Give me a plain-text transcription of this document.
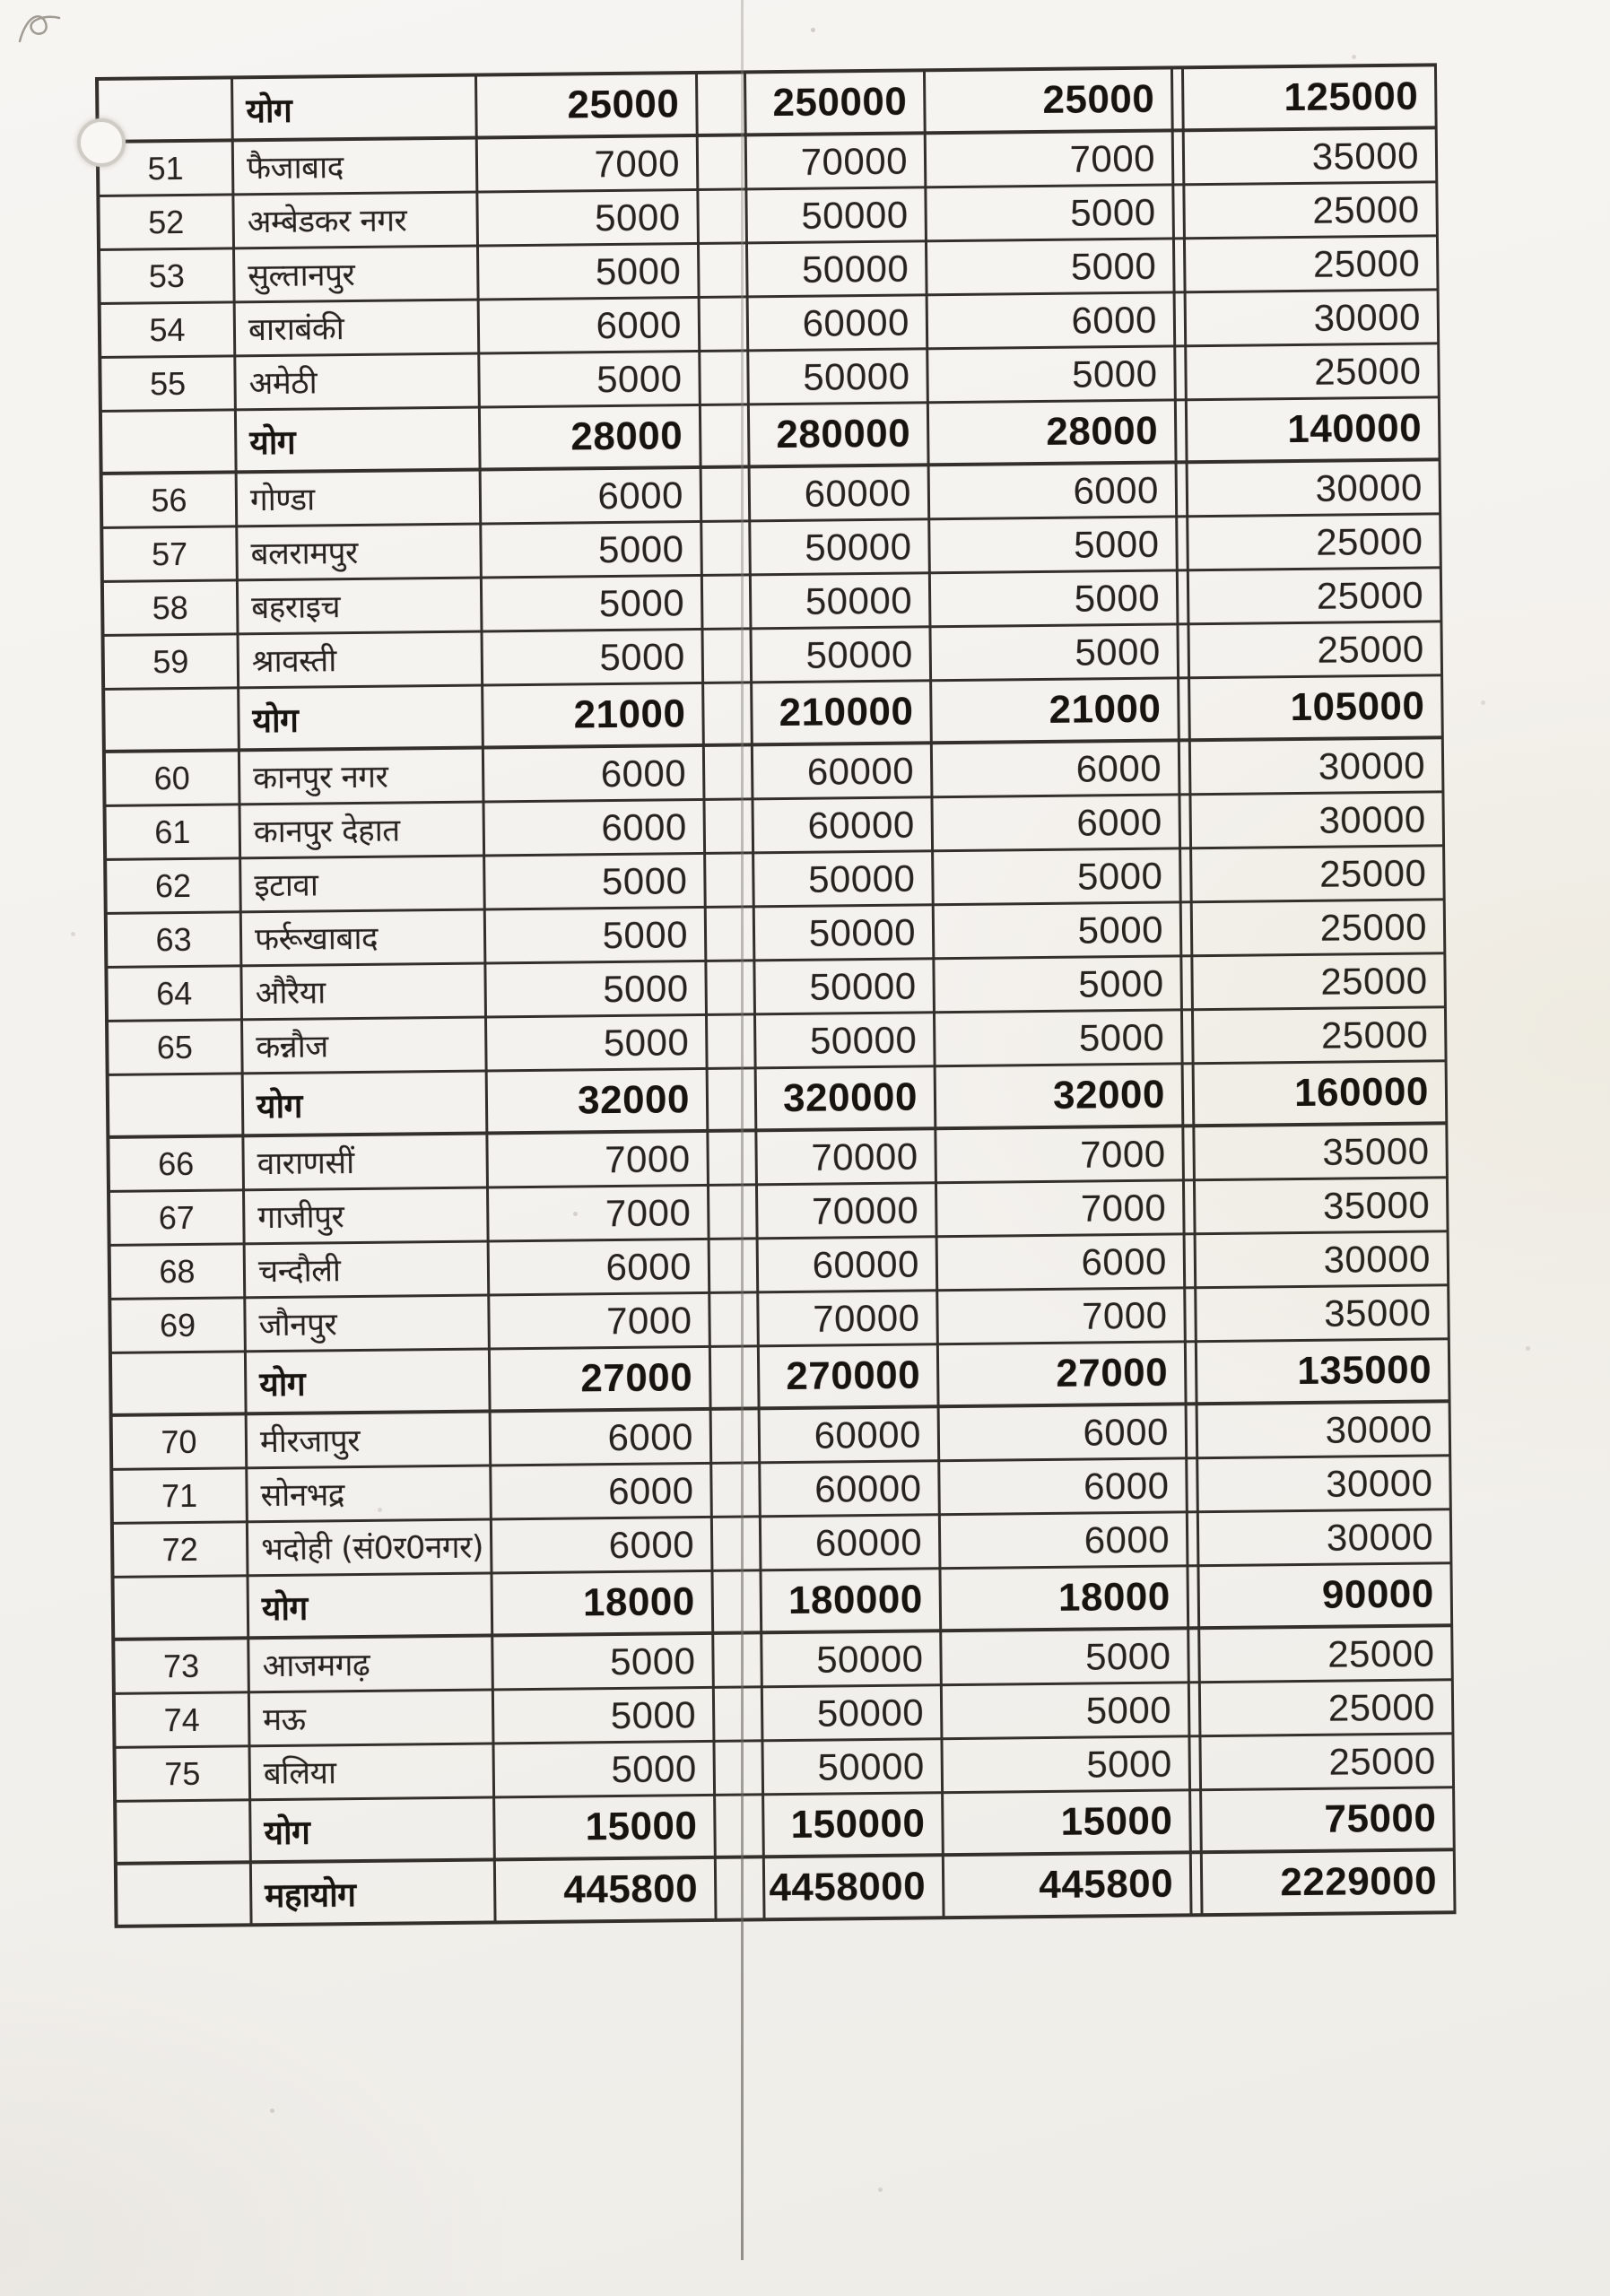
योग	25000	250000	25000	125000
51	फैजाबाद	7000	70000	7000	35000
52	अम्बेडकर नगर	5000	50000	5000	25000
53	सुल्तानपुर	5000	50000	5000	25000
54	बाराबंकी	6000	60000	6000	30000
55	अमेठी	5000	50000	5000	25000
योग	28000	280000	28000	140000
56	गोण्डा	6000	60000	6000	30000
57	बलरामपुर	5000	50000	5000	25000
58	बहराइच	5000	50000	5000	25000
59	श्रावस्ती	5000	50000	5000	25000
योग	21000	210000	21000	105000
60	कानपुर नगर	6000	60000	6000	30000
61	कानपुर देहात	6000	60000	6000	30000
62	इटावा	5000	50000	5000	25000
63	फर्रूखाबाद	5000	50000	5000	25000
64	औरैया	5000	50000	5000	25000
65	कन्नौज	5000	50000	5000	25000
योग	32000	320000	32000	160000
66	वाराणसीं	7000	70000	7000	35000
67	गाजीपुर	7000	70000	7000	35000
68	चन्दौली	6000	60000	6000	30000
69	जौनपुर	7000	70000	7000	35000
योग	27000	270000	27000	135000
70	मीरजापुर	6000	60000	6000	30000
71	सोनभद्र	6000	60000	6000	30000
72	भदोही (सं0र0नगर)	6000	60000	6000	30000
योग	18000	180000	18000	90000
73	आजमगढ़	5000	50000	5000	25000
74	मऊ	5000	50000	5000	25000
75	बलिया	5000	50000	5000	25000
योग	15000	150000	15000	75000
महायोग	445800	4458000	445800	2229000
